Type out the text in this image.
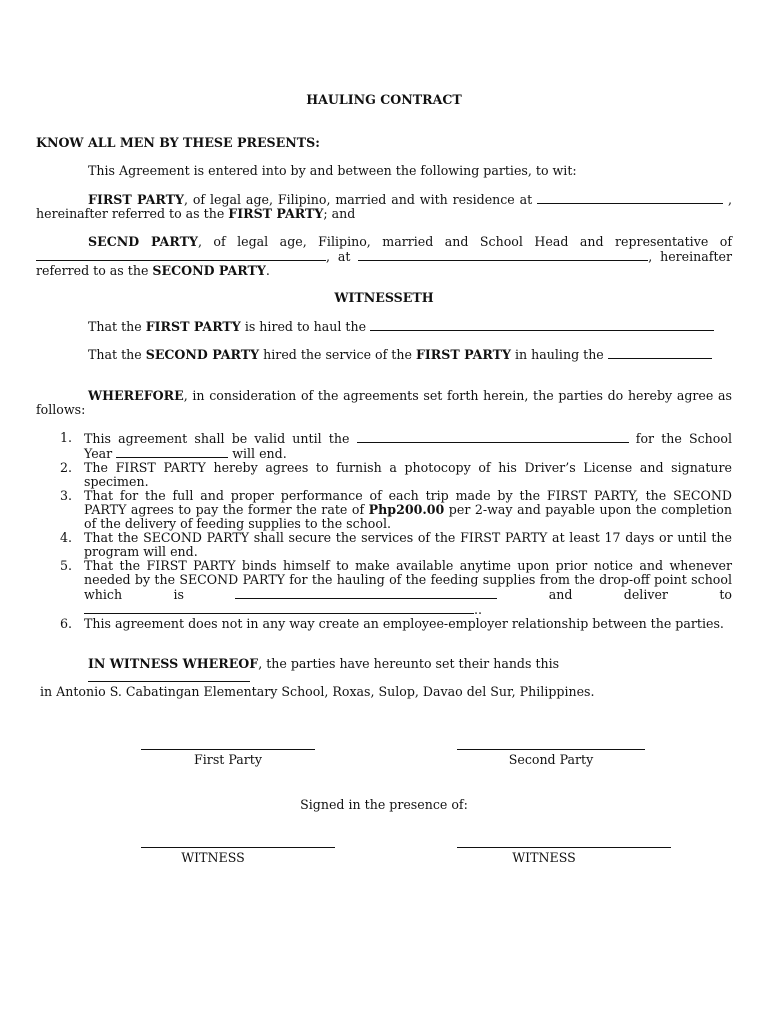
HAULING CONTRACT
KNOW ALL MEN BY THESE PRESENTS:
This Agreement is entered into by and between the following parties, to wit:
FIRST PARTY, of legal age, Filipino, married and with residence at	, hereinafter referred to as the FIRST PARTY; and
SECND PARTY, of legal age, Filipino, married and School Head and representative of , at	, hereinafter referred to as the SECOND PARTY.
WITNESSETH
That the FIRST PARTY is hired to haul the
That the SECOND PARTY hired the service of the FIRST PARTY in hauling the
WHEREFORE, in consideration of the agreements set forth herein, the parties do hereby agree as follows:
1. This agreement shall be valid until the	for the School Year	will end.
2. The FIRST PARTY hereby agrees to furnish a photocopy of his Driver’s License and signature specimen.
3. That for the full and proper performance of each trip made by the FIRST PARTY, the SECOND PARTY agrees to pay the former the rate of Php200.00 per 2-way and payable upon the completion of the delivery of feeding supplies to the school.
4. That the SECOND PARTY shall secure the services of the FIRST PARTY at least 17 days or until the program will end.
5. That the FIRST PARTY binds himself to make available anytime upon prior notice and whenever needed by the SECOND PARTY for the hauling of the feeding supplies from the drop-off point school which is	and deliver to ..
6. This agreement does not in any way create an employee-employer relationship between the parties.
IN WITNESS WHEREOF, the parties have hereunto set their hands this
in Antonio S. Cabatingan Elementary School, Roxas, Sulop, Davao del Sur, Philippines.
First Party	Second Party
Signed in the presence of:
WITNESS	WITNESS
